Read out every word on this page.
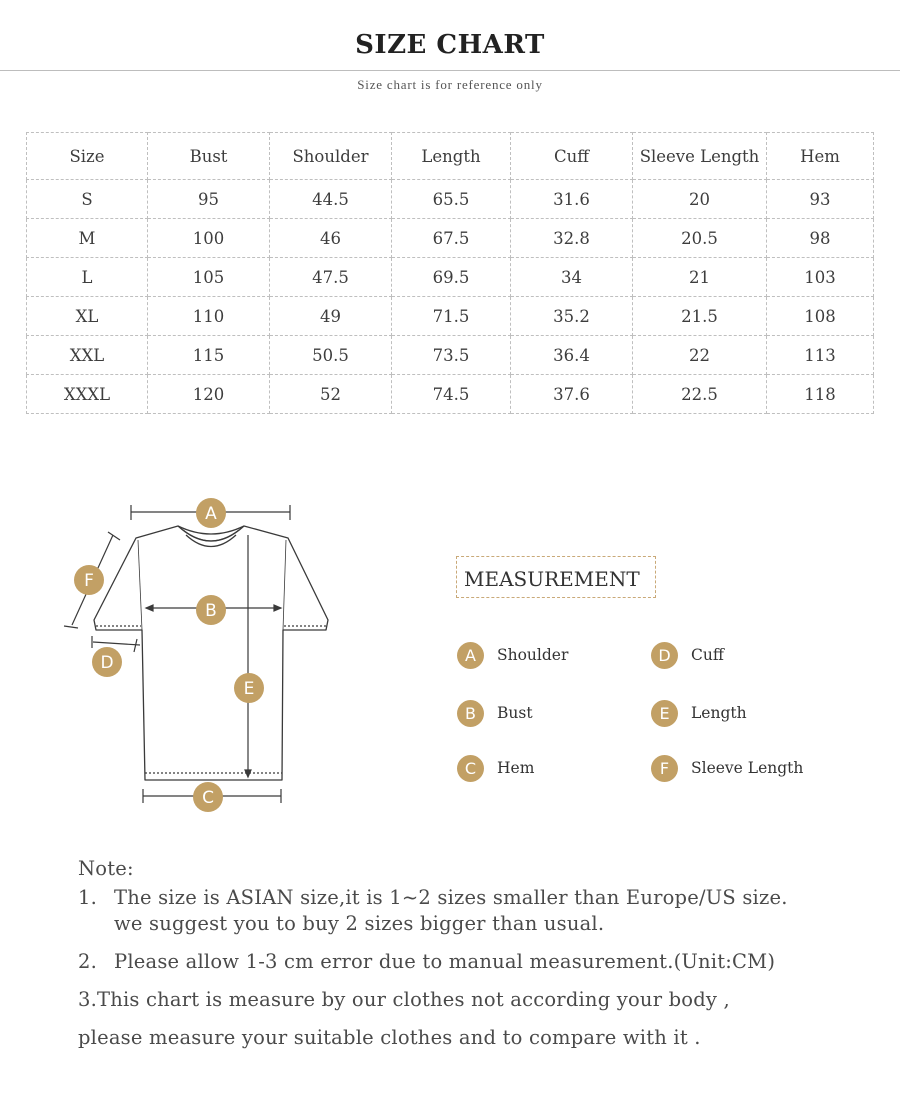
SIZE CHART
Size chart is for reference only
Size	Bust	Shoulder	Length	Cuff	Sleeve Length	Hem
S	95	44.5	65.5	31.6	20	93
M	100	46	67.5	32.8	20.5	98
L	105	47.5	69.5	34	21	103
XL	110	49	71.5	35.2	21.5	108
XXL	115	50.5	73.5	36.4	22	113
XXXL	120	52	74.5	37.6	22.5	118
A
B
C
D
E
F	MEASUREMENT
A	Shoulder
B	Bust
C	Hem
D	Cuff
E	Length
F	Sleeve Length
Note:
1. The size is ASIAN size,it is 1~2 sizes smaller than Europe/US size.
we suggest you to buy 2 sizes bigger than usual.
2. Please allow 1-3 cm error due to manual measurement.(Unit:CM)
3.This chart is measure by our clothes not according your body ,
please measure your suitable clothes and to compare with it .
